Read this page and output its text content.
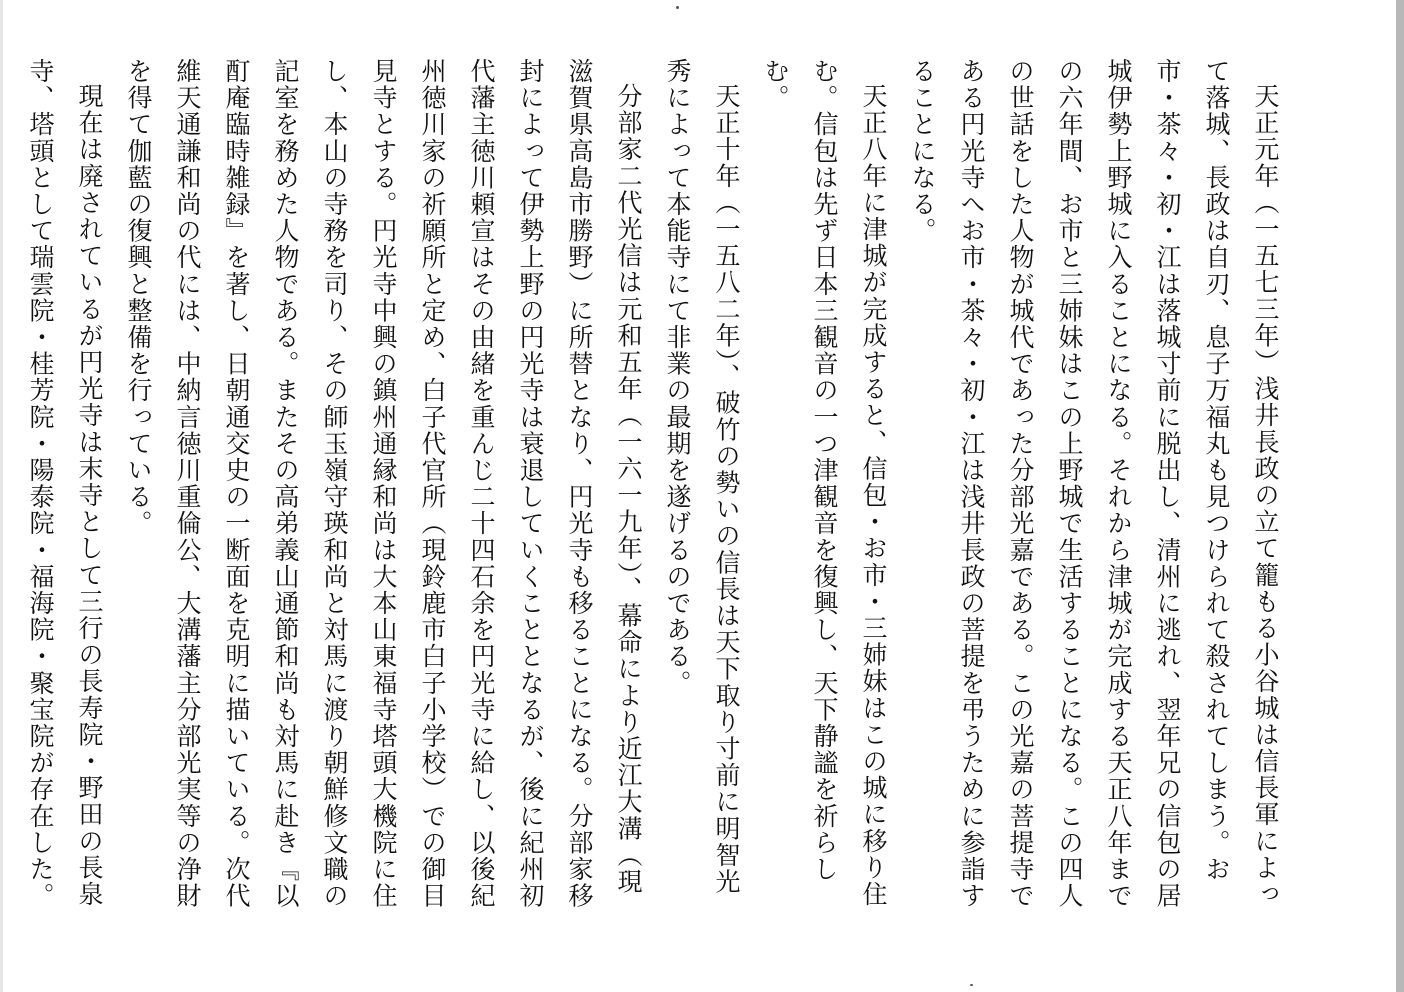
天正元年（一五七三年）浅井長政の立て籠もる小谷城は信長軍によって落城、長政は自刃、息子万福丸も見つけられて殺されてしまう。お市・茶々・初・江は落城寸前に脱出し、清州に逃れ、翌年兄の信包の居城伊勢上野城に入ることになる。それから津城が完成する天正八年までの六年間、お市と三姉妹はこの上野城で生活することになる。この四人の世話をした人物が城代であった分部光嘉である。この光嘉の菩提寺である円光寺へお市・茶々・初・江は浅井長政の菩提を弔うために参詣することになる。

天正八年に津城が完成すると、信包・お市・三姉妹はこの城に移り住む。信包は先ず日本三観音の一つ津観音を復興し、天下静謐を祈らしむ。

天正十年（一五八二年）、破竹の勢いの信長は天下取り寸前に明智光秀によって本能寺にて非業の最期を遂げるのである。

分部家二代光信は元和五年（一六一九年）、幕命により近江大溝（現滋賀県高島市勝野）に所替となり、円光寺も移ることになる。分部家移封によって伊勢上野の円光寺は衰退していくこととなるが、後に紀州初代藩主徳川頼宣はその由緒を重んじ二十四石余を円光寺に給し、以後紀州徳川家の祈願所と定め、白子代官所（現鈴鹿市白子小学校）での御目見寺とする。円光寺中興の鎮州通縁和尚は大本山東福寺塔頭大機院に住し、本山の寺務を司り、その師玉嶺守瑛和尚と対馬に渡り朝鮮修文職の記室を務めた人物である。またその高弟義山通節和尚も対馬に赴き『以酊庵臨時雑録』を著し、日朝通交史の一断面を克明に描いている。次代維天通謙和尚の代には、中納言徳川重倫公、大溝藩主分部光実等の浄財を得て伽藍の復興と整備を行っている。

現在は廃されているが円光寺は末寺として三行の長寿院・野田の長泉寺、塔頭として瑞雲院・桂芳院・陽泰院・福海院・聚宝院が存在した。
